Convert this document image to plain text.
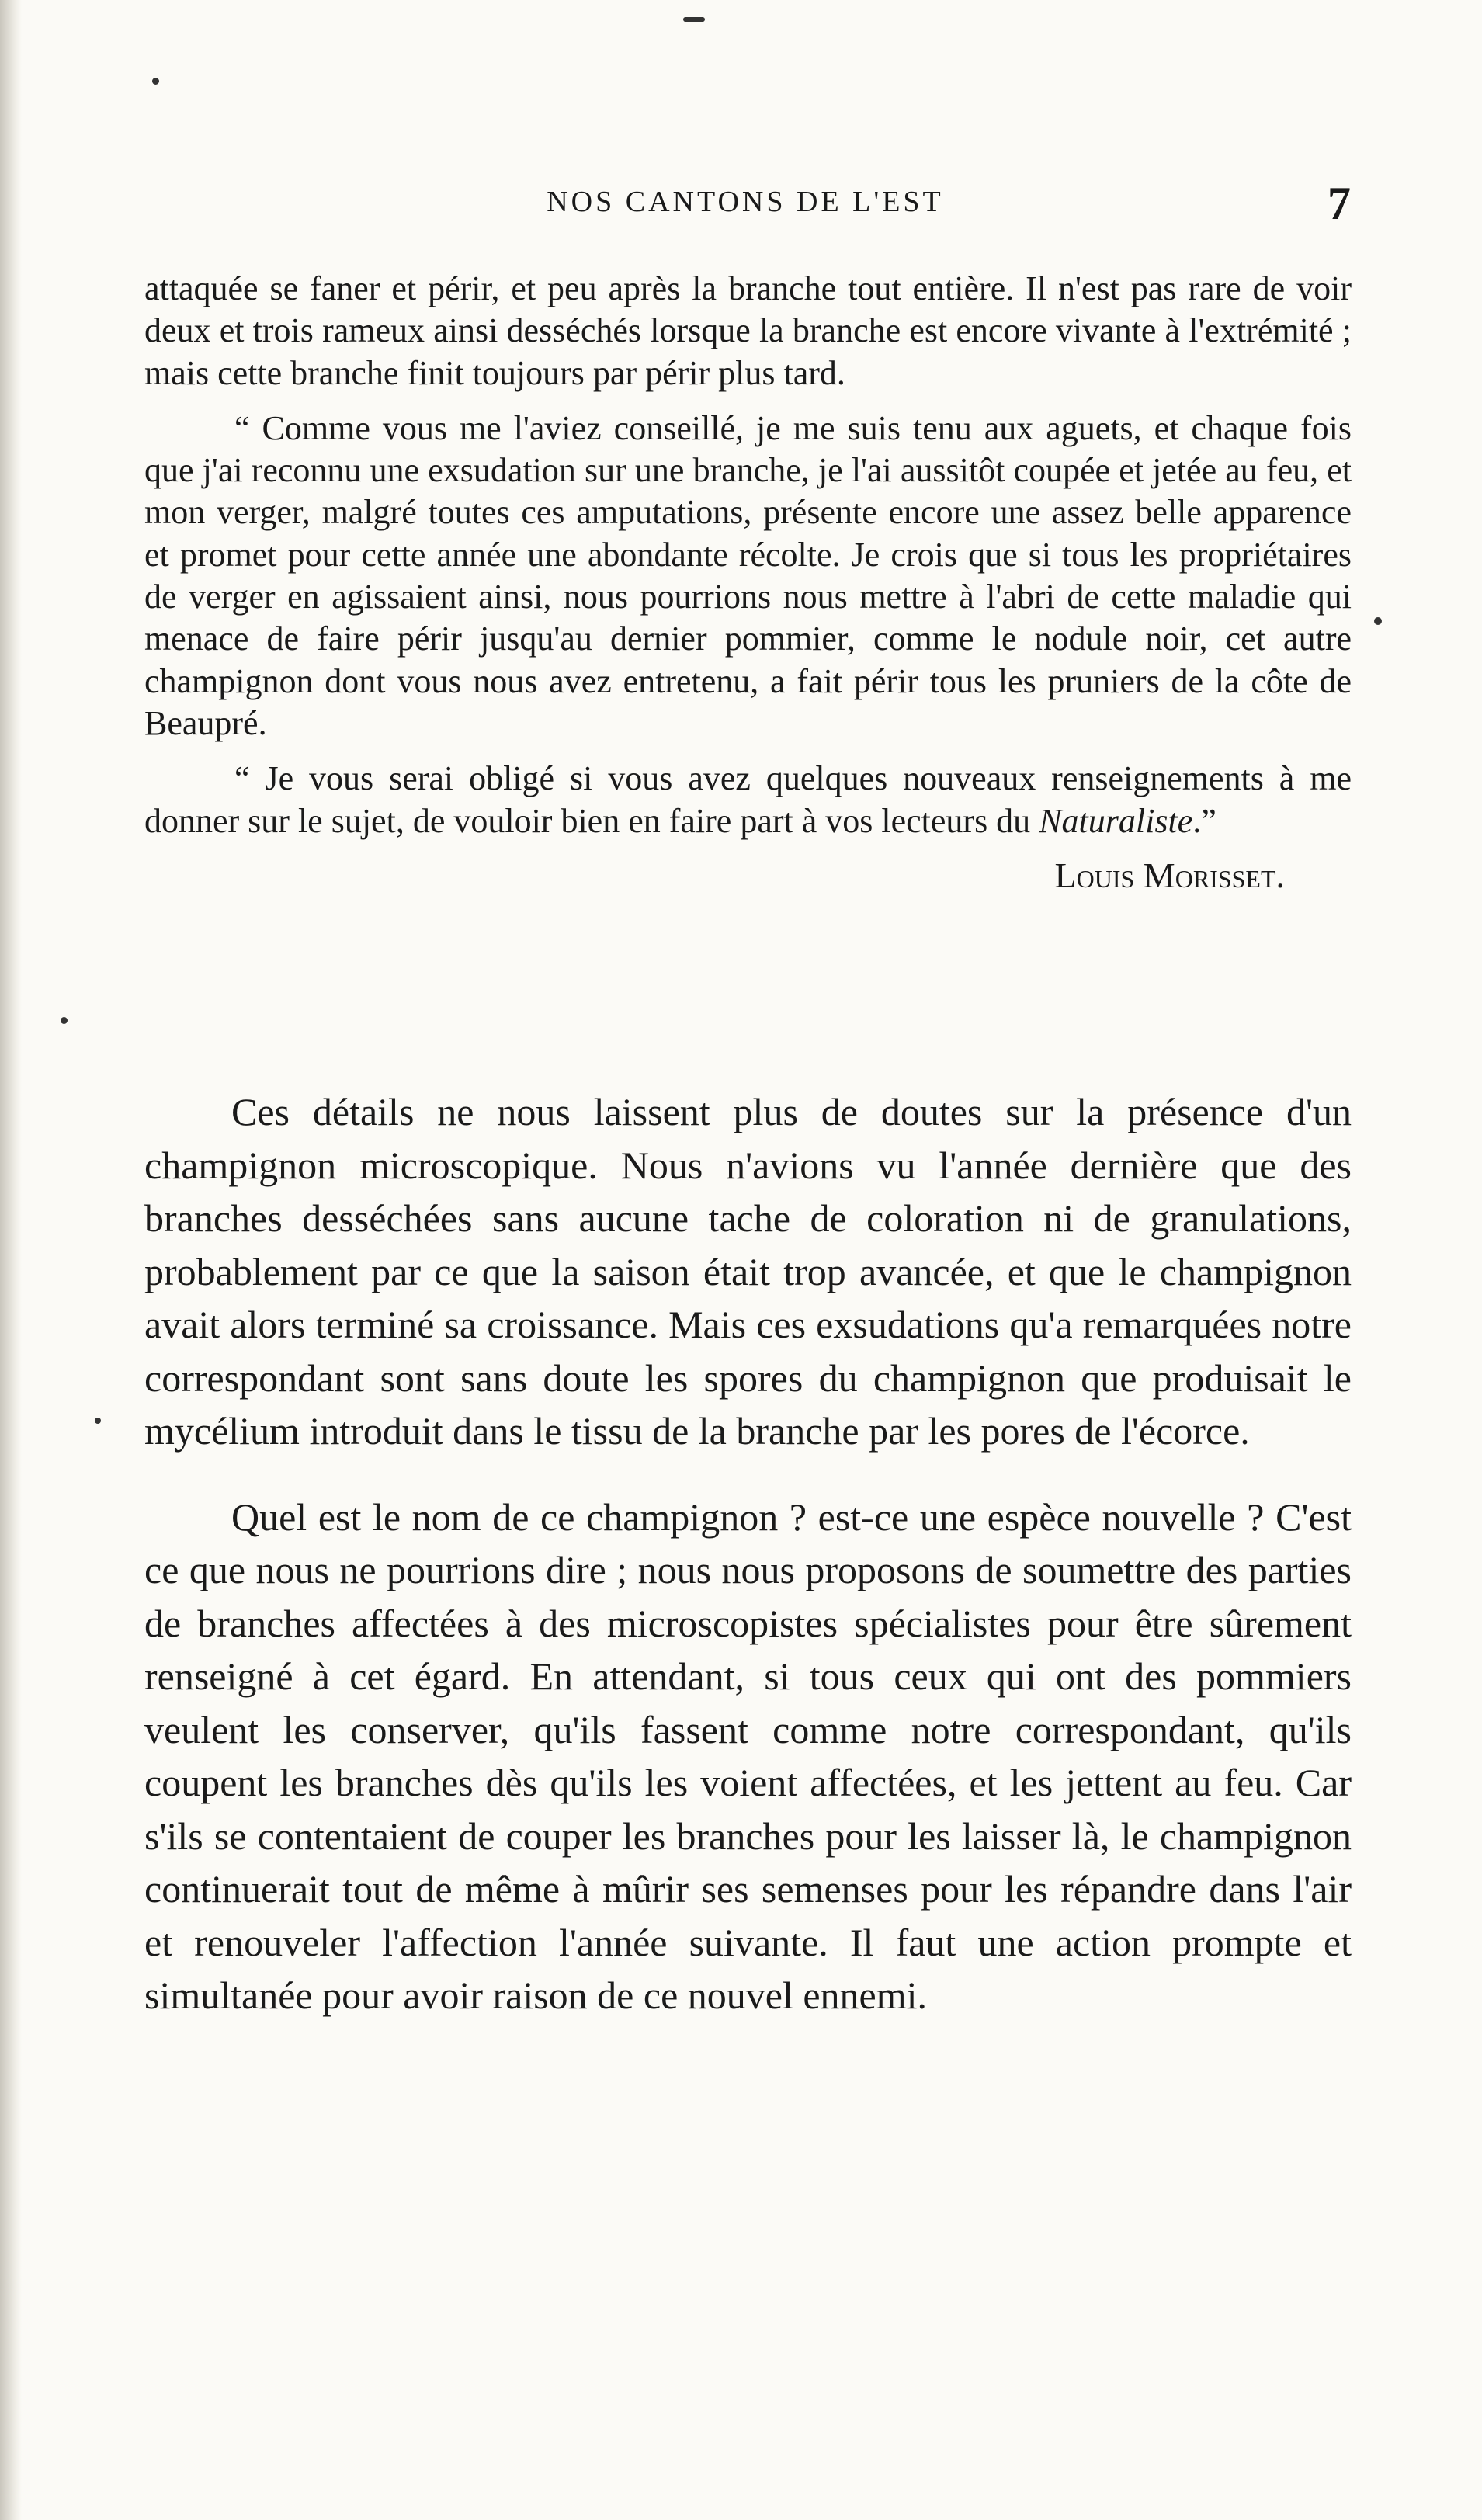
NOS CANTONS DE L'EST	7

attaquée se faner et périr, et peu après la branche tout entière. Il n'est pas rare de voir deux et trois rameux ainsi desséchés lorsque la branche est encore vivante à l'extrémité ; mais cette branche finit toujours par périr plus tard.

“ Comme vous me l'aviez conseillé, je me suis tenu aux aguets, et chaque fois que j'ai reconnu une exsudation sur une branche, je l'ai aussitôt coupée et jetée au feu, et mon verger, malgré toutes ces amputations, présente encore une assez belle apparence et promet pour cette année une abondante récolte. Je crois que si tous les propriétaires de verger en agissaient ainsi, nous pourrions nous mettre à l'abri de cette maladie qui menace de faire périr jusqu'au dernier pommier, comme le nodule noir, cet autre champignon dont vous nous avez entretenu, a fait périr tous les pruniers de la côte de Beaupré.

“ Je vous serai obligé si vous avez quelques nouveaux renseignements à me donner sur le sujet, de vouloir bien en faire part à vos lecteurs du Naturaliste.”

Louis Morisset.

Ces détails ne nous laissent plus de doutes sur la présence d'un champignon microscopique. Nous n'avions vu l'année dernière que des branches desséchées sans aucune tache de coloration ni de granulations, probablement par ce que la saison était trop avancée, et que le champignon avait alors terminé sa croissance. Mais ces exsudations qu'a remarquées notre correspondant sont sans doute les spores du champignon que produisait le mycélium introduit dans le tissu de la branche par les pores de l'écorce.

Quel est le nom de ce champignon ? est-ce une espèce nouvelle ? C'est ce que nous ne pourrions dire ; nous nous proposons de soumettre des parties de branches affectées à des microscopistes spécialistes pour être sûrement renseigné à cet égard. En attendant, si tous ceux qui ont des pommiers veulent les conserver, qu'ils fassent comme notre correspondant, qu'ils coupent les branches dès qu'ils les voient affectées, et les jettent au feu. Car s'ils se contentaient de couper les branches pour les laisser là, le champignon continuerait tout de même à mûrir ses semenses pour les répandre dans l'air et renouveler l'affection l'année suivante. Il faut une action prompte et simultanée pour avoir raison de ce nouvel ennemi.
